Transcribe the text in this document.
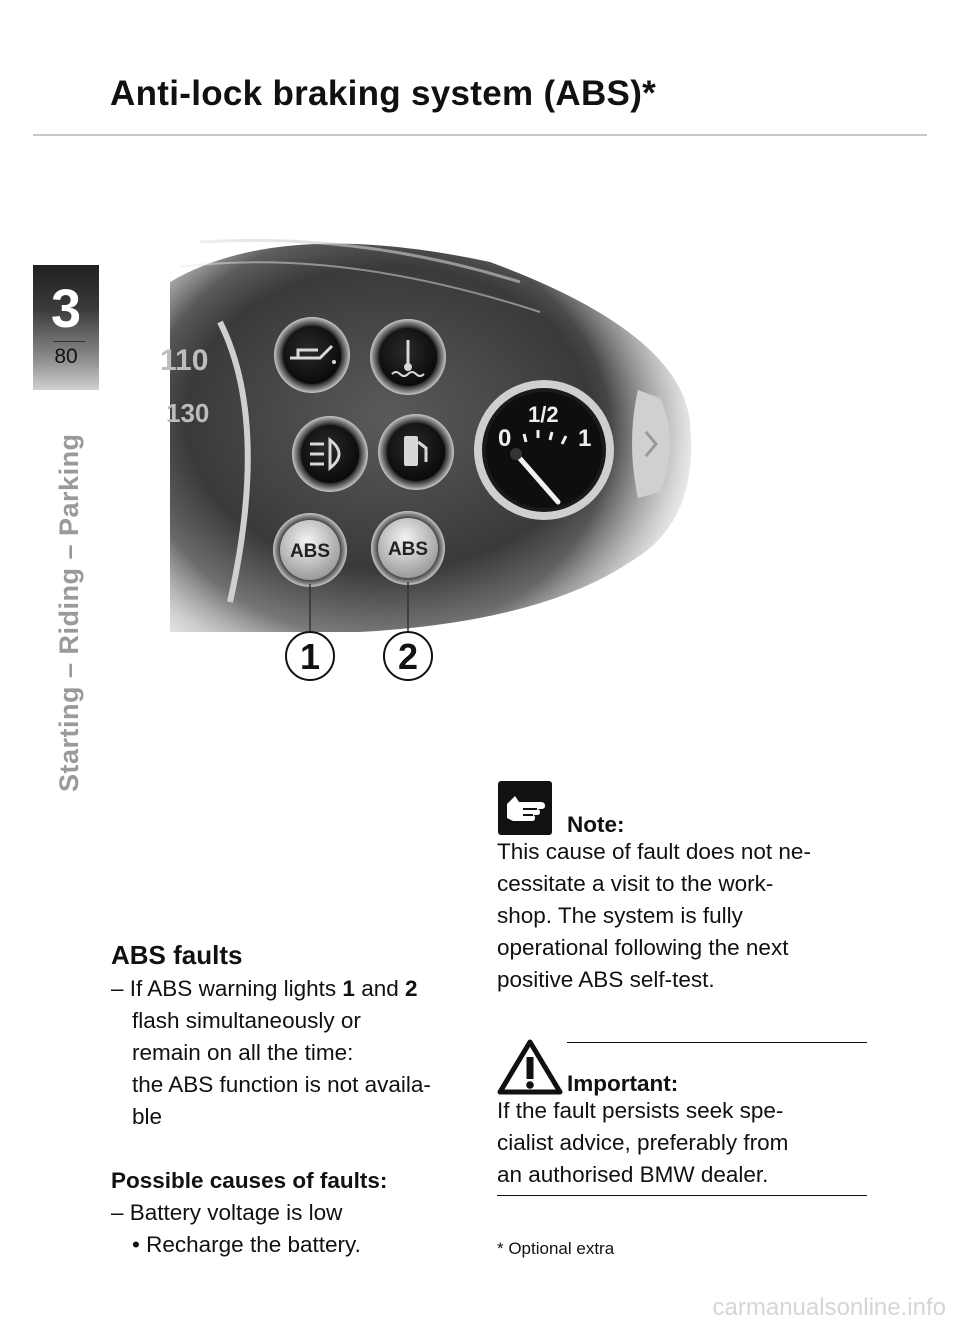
Anti-lock braking system (ABS)*
3
80
Starting – Riding – Parking
110
130
ABS	ABS
0
1/2
1
1 2
ABS faults

– If ABS warning lights 1 and 2
flash simultaneously or
remain on all the time:
the ABS function is not availa-
ble

Possible causes of faults:

– Battery voltage is low

• Recharge the battery.

Note:

This cause of fault does not ne-

cessitate a visit to the work-

shop. The system is fully

operational following the next

positive ABS self-test.

Important:

If the fault persists seek spe-

cialist advice, preferably from

an authorised BMW dealer.

* Optional extra
carmanualsonline.info
